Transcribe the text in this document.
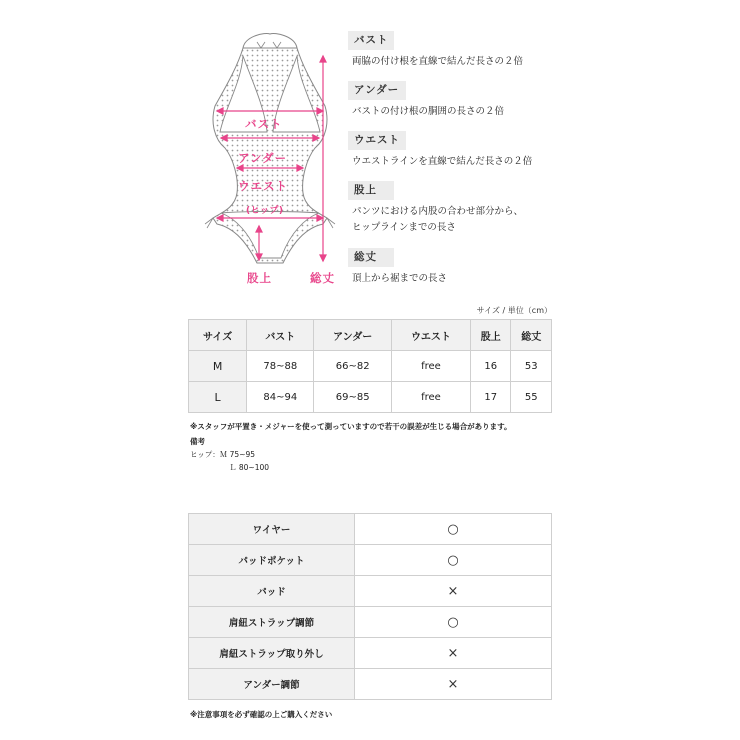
バスト
アンダー
ウエスト
(ヒップ)
股上	総丈
バスト
両脇の付け根を直線で結んだ長さの２倍
アンダー
バストの付け根の胴囲の長さの２倍
ウエスト
ウエストラインを直線で結んだ長さの２倍
股上
パンツにおける内股の合わせ部分から、
ヒップラインまでの長さ
総丈
頂上から裾までの長さ
サイズ / 単位（cm）
サイズ	バスト	アンダー	ウエスト	股上	総丈
M	78~88	66~82	free	16	53
L	84~94	69~85	free	17	55
※スタッフが平置き・メジャーを使って測っていますので若干の誤差が生じる場合があります。
備考
ヒップ：Ｍ 75~95
Ｌ 80~100
ワイヤー	○
パッドポケット	○
パッド	×
肩紐ストラップ調節	○
肩紐ストラップ取り外し	×
アンダー調節	×
※注意事項を必ず確認の上ご購入ください
